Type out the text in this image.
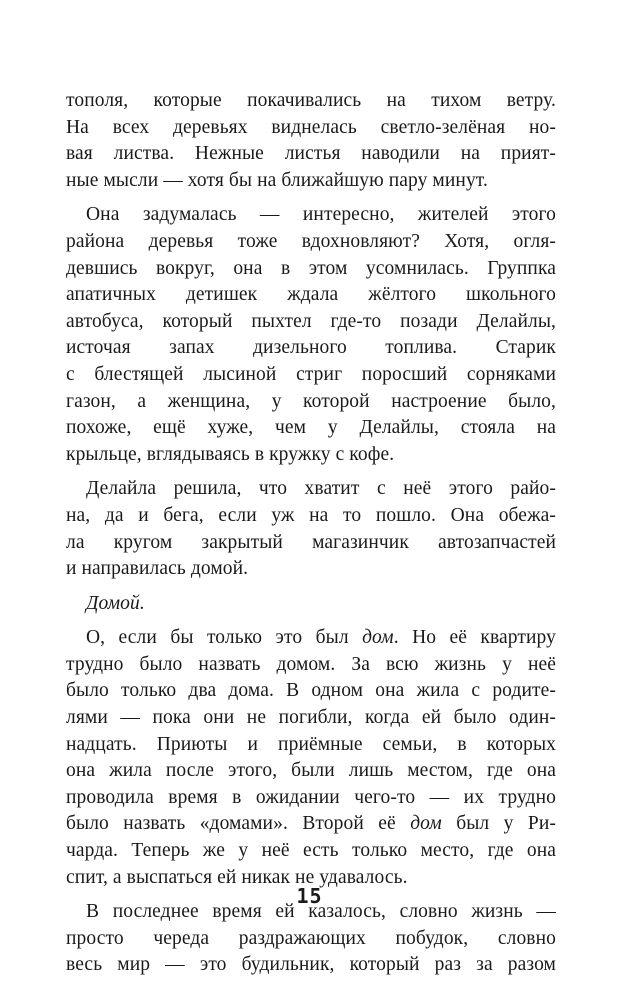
тополя, которые покачивались на тихом ветру.
На всех деревьях виднелась светло-зелёная но-
вая листва. Нежные листья наводили на прият-
ные мысли — хотя бы на ближайшую пару минут.
Она задумалась — интересно, жителей этого
района деревья тоже вдохновляют? Хотя, огля-
девшись вокруг, она в этом усомнилась. Группка
апатичных детишек ждала жёлтого школьного
автобуса, который пыхтел где-то позади Делайлы,
источая запах дизельного топлива. Старик
с блестящей лысиной стриг поросший сорняками
газон, а женщина, у которой настроение было,
похоже, ещё хуже, чем у Делайлы, стояла на
крыльце, вглядываясь в кружку с кофе.
Делайла решила, что хватит с неё этого райо-
на, да и бега, если уж на то пошло. Она обежа-
ла кругом закрытый магазинчик автозапчастей
и направилась домой.
Домой.
О, если бы только это был дом. Но её квартиру
трудно было назвать домом. За всю жизнь у неё
было только два дома. В одном она жила с родите-
лями — пока они не погибли, когда ей было один-
надцать. Приюты и приёмные семьи, в которых
она жила после этого, были лишь местом, где она
проводила время в ожидании чего-то — их трудно
было назвать «домами». Второй её дом был у Ри-
чарда. Теперь же у неё есть только место, где она
спит, а выспаться ей никак не удавалось.
В последнее время ей казалось, словно жизнь —
просто череда раздражающих побудок, словно
весь мир — это будильник, который раз за разом
15
